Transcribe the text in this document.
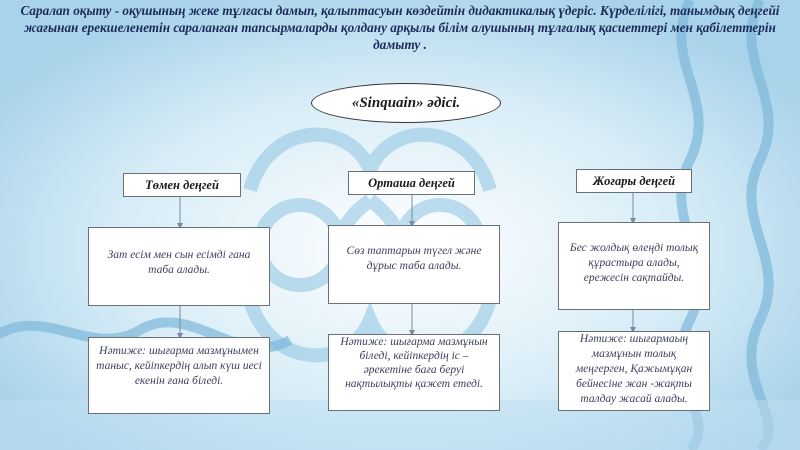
Саралап оқыту - оқушының жеке тұлғасы дамып, қалыптасуын көздейтін дидактикалық үдеріс. Күрделілігі, танымдық деңгейі жағынан ерекшеленетін сараланған тапсырмаларды қолдану арқылы білім алушының тұлғалық қасиеттері мен қабілеттерін дамыту .
«Sinquain» әдісі.
Төмен деңгей	Орташа деңгей	Жоғары деңгей
Зат есім мен сын есімді гана таба алады.
Сөз таптарын түгел және дұрыс таба алады.
Бес жолдық өлеңді толық құрастыра алады, ережесін сақтайды.
Нәтиже: шығарма мазмұнымен таныс, кейіпкердің алып күш иесі екенін ғана біледі.
Нәтиже: шығарма мазмұнын біледі, кейіпкердің іс – әрекетіне баға беруі нақтылықты қажет етеді.
Нәтиже: шығармаың мазмұнын толық меңгерген, Қажымұқан бейнесіне жан -жақты талдау жасай алады.
